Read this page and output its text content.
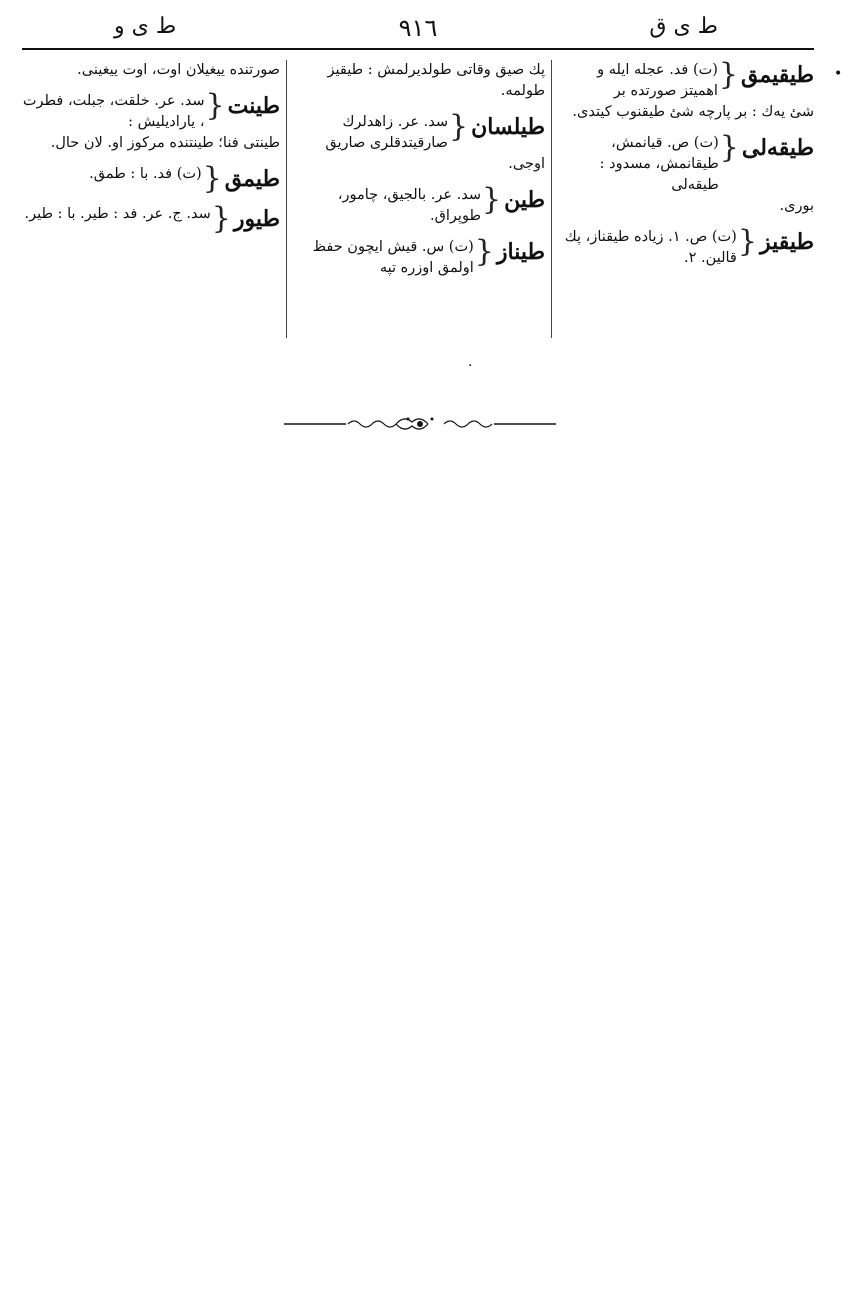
ط ی ق
٩١٦
ط ی و
•
طيقيمق
{
(ت) فد. عجله ایله و اهمیتز صورتده بر
شیٔ یه‌ك : بر پارچه شیٔ طیقنوب کیتدی.
طيقه‌لی
{
(ت) ص. قیانمش، طیقا‌نمش، مسدود : طیقه‌لی
بوری.
طيقيز
{
(ت) ص. ١. زیاده طیقناز، پك قالین. ٢.
پك صیق وقاتی طولدیرلمش : طیقیز طولمه.
طیلسان
{
سد. عر. زاهدلرك صارقیتدقلری صاریق
اوجی.
طین
{
سد. عر. بالجیق، چامور، طوپراق.
طيناز
{
(ت) س. قیش ایچون حفظ اولمق اوزره تپه
صورتنده ییغیلان اوت، اوت ییغینی.
طينت
{
سد. عر. خلقت، جبلت، فطرت ، یارادیلیش :
طینتی فنا؛ طینتنده مرکوز او. لان حال.
طيمق
{
(ت) فد. با : طمق.
طيور
{
سد. ج. عر. فد : طیر. با : طیر.
·
